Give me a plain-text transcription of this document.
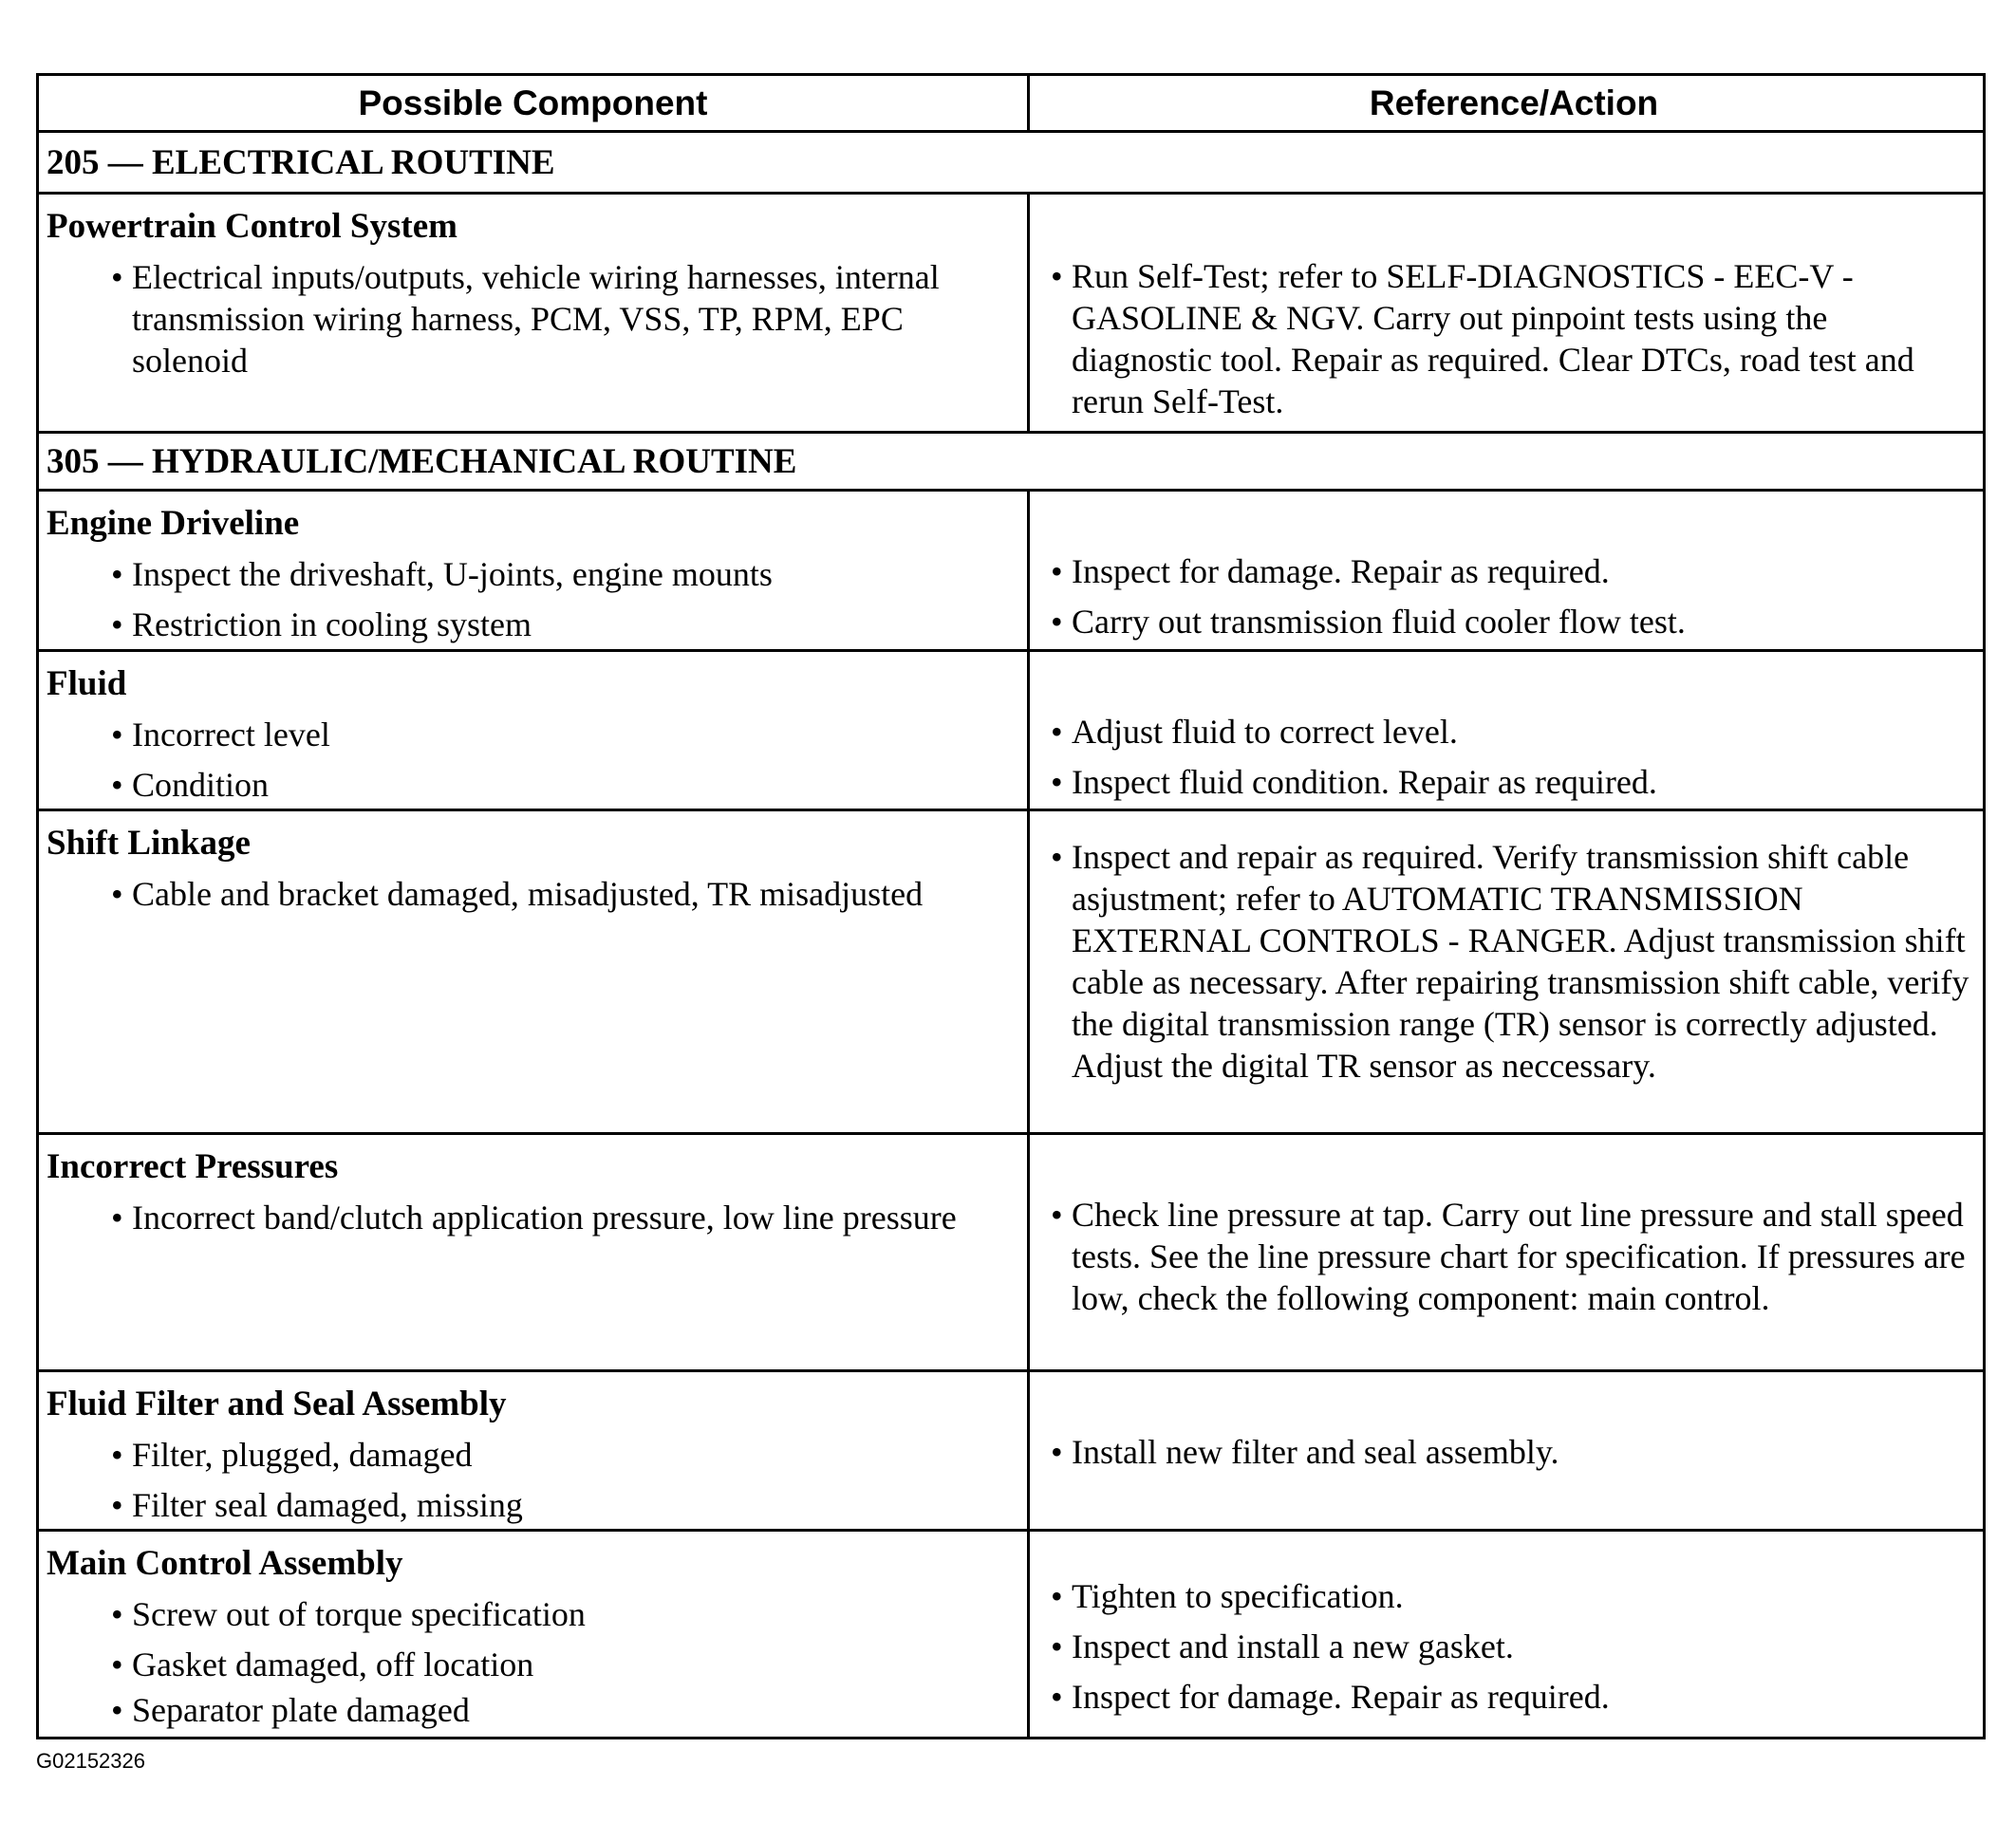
Possible Component	Reference/Action
205 — ELECTRICAL ROUTINE
Powertrain Control System
• Electrical inputs/outputs, vehicle wiring harnesses, internal transmission wiring harness, PCM, VSS, TP, RPM, EPC solenoid
• Run Self-Test; refer to SELF-DIAGNOSTICS - EEC-V - GASOLINE & NGV. Carry out pinpoint tests using the diagnostic tool. Repair as required. Clear DTCs, road test and rerun Self-Test.
305 — HYDRAULIC/MECHANICAL ROUTINE
Engine Driveline
• Inspect the driveshaft, U-joints, engine mounts
• Restriction in cooling system
• Inspect for damage. Repair as required.
• Carry out transmission fluid cooler flow test.
Fluid
• Incorrect level
• Condition
• Adjust fluid to correct level.
• Inspect fluid condition. Repair as required.
Shift Linkage
• Cable and bracket damaged, misadjusted, TR misadjusted
• Inspect and repair as required. Verify transmission shift cable asjustment; refer to AUTOMATIC TRANSMISSION EXTERNAL CONTROLS - RANGER. Adjust transmission shift cable as necessary. After repairing transmission shift cable, verify the digital transmission range (TR) sensor is correctly adjusted. Adjust the digital TR sensor as neccessary.
Incorrect Pressures
• Incorrect band/clutch application pressure, low line pressure	• Check line pressure at tap. Carry out line pressure and stall speed tests. See the line pressure chart for specification. If pressures are low, check the following component: main control.
Fluid Filter and Seal Assembly
• Filter, plugged, damaged
• Filter seal damaged, missing
• Install new filter and seal assembly.
Main Control Assembly
• Screw out of torque specification
• Gasket damaged, off location
• Separator plate damaged
• Tighten to specification.
• Inspect and install a new gasket.
• Inspect for damage. Repair as required.
G02152326
